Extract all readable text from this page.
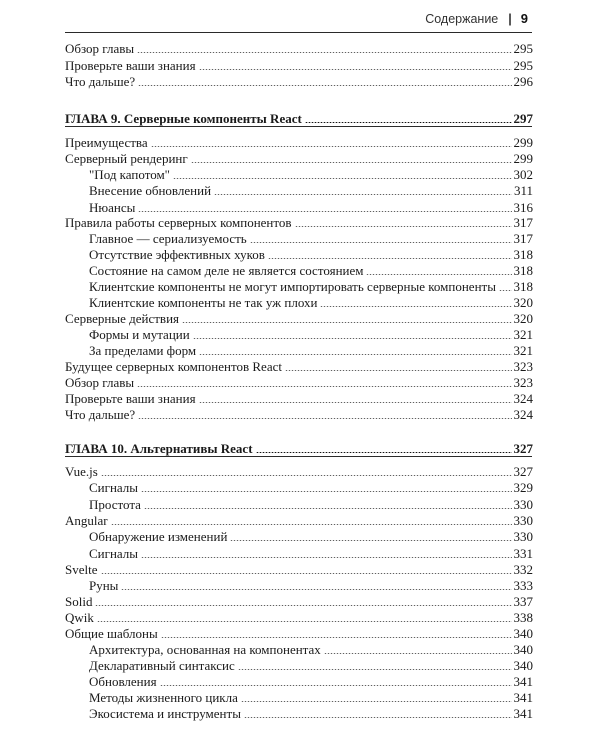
Содержание | 9
Обзор главы	295
Проверьте ваши знания	295
Что дальше?	296
ГЛАВА 9. Серверные компоненты React	297
Преимущества	299
Серверный рендеринг	299
"Под капотом"	302
Внесение обновлений	311
Нюансы	316
Правила работы серверных компонентов	317
Главное — сериализуемость	317
Отсутствие эффективных хуков	318
Состояние на самом деле не является состоянием	318
Клиентские компоненты не могут импортировать серверные компоненты 318
Клиентские компоненты не так уж плохи	320
Серверные действия	320
Формы и мутации	321
За пределами форм	321
Будущее серверных компонентов React	323
Обзор главы	323
Проверьте ваши знания	324
Что дальше?	324
ГЛАВА 10. Альтернативы React	327
Vue.js	327
Сигналы	329
Простота	330
Angular	330
Обнаружение изменений	330
Сигналы	331
Svelte	332
Руны	333
Solid	337
Qwik	338
Общие шаблоны	340
Архитектура, основанная на компонентах	340
Декларативный синтаксис	340
Обновления	341
Методы жизненного цикла	341
Экосистема и инструменты	341
